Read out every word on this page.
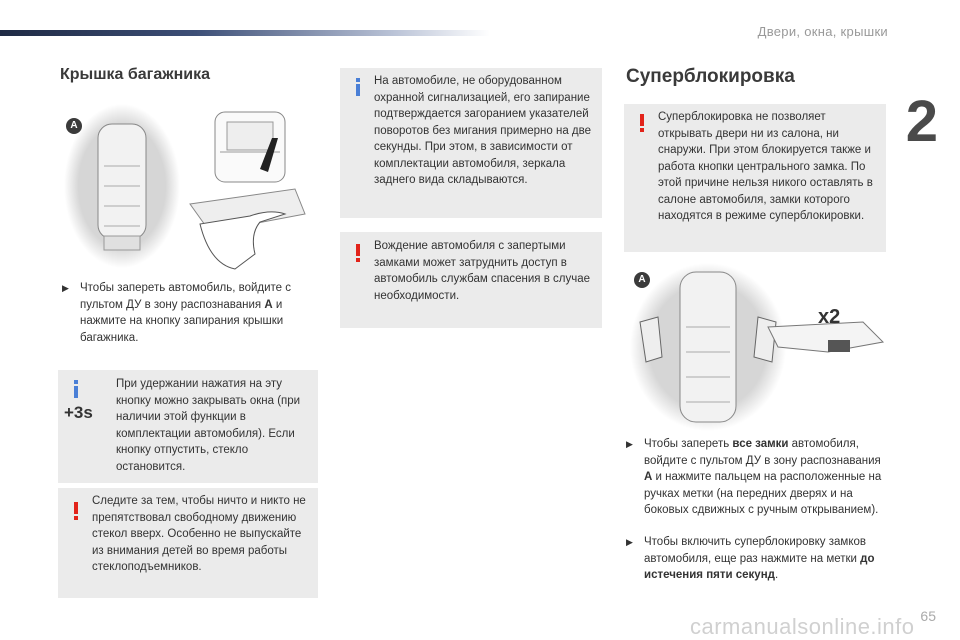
Двери, окна, крышки
2
65
Крышка багажника
A
▶ Чтобы запереть автомобиль, войдите с пультом ДУ в зону распознавания A и нажмите на кнопку запирания крышки багажника.

При удержании нажатия на эту кнопку можно закрывать окна (при наличии этой функции в комплектации автомобиля). Если кнопку отпустить, стекло остановится.

+3s

Следите за тем, чтобы ничто и никто не препятствовал свободному движению стекол вверх. Особенно не выпускайте из внимания детей во время работы стеклоподъемников.

На автомобиле, не оборудованном охранной сигнализацией, его запирание подтверждается загоранием указателей поворотов без мигания примерно на две секунды. При этом, в зависимости от комплектации автомобиля, зеркала заднего вида складываются.

Вождение автомобиля с запертыми замками может затруднить доступ в автомобиль службам спасения в случае необходимости.

Суперблокировка

Суперблокировка не позволяет открывать двери ни из салона, ни снаружи. При этом блокируется также и работа кнопки центрального замка. По этой причине нельзя никого оставлять в салоне автомобиля, замки которого находятся в режиме суперблокировки.

A
x2
▶ Чтобы запереть все замки автомобиля, войдите с пультом ДУ в зону распознавания A и нажмите пальцем на расположенные на ручках метки (на передних дверях и на боковых сдвижных с ручным открыванием).
▶ Чтобы включить суперблокировку замков автомобиля, еще раз нажмите на метки до истечения пяти секунд.
carmanualsonline.info
